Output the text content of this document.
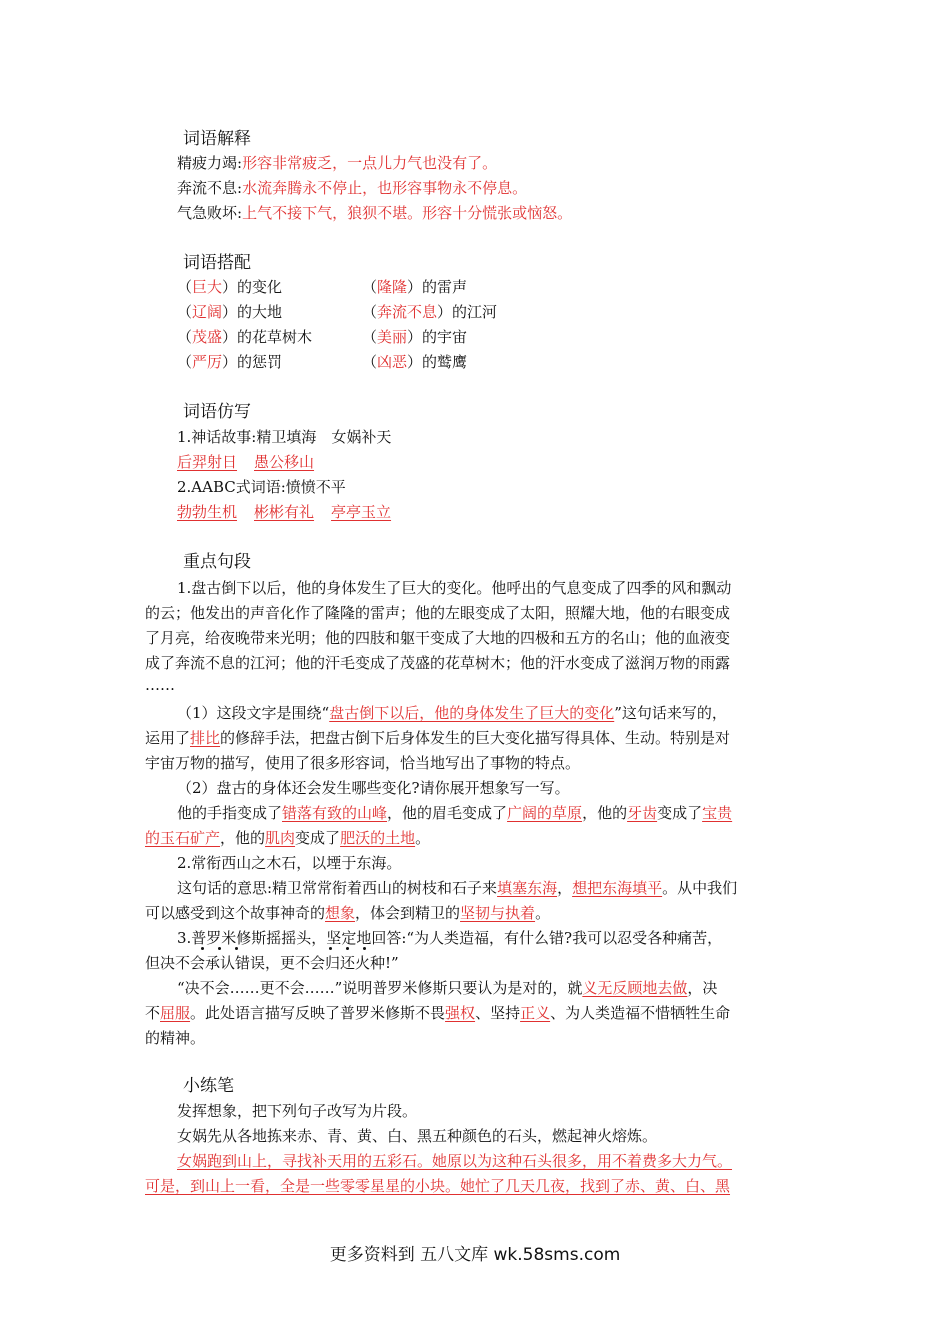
词语解释
精疲力竭:形容非常疲乏，一点儿力气也没有了。
奔流不息:水流奔腾永不停止，也形容事物永不停息。
气急败坏:上气不接下气，狼狈不堪。形容十分慌张或恼怒。
词语搭配
（巨大）的变化	（隆隆）的雷声
（辽阔）的大地	（奔流不息）的江河
（茂盛）的花草树木	（美丽）的宇宙
（严厉）的惩罚	（凶恶）的鹫鹰
词语仿写
1.神话故事:精卫填海　女娲补天
后羿射日 愚公移山
2.AABC式词语:愤愤不平
勃勃生机 彬彬有礼 亭亭玉立
重点句段
1.盘古倒下以后，他的身体发生了巨大的变化。他呼出的气息变成了四季的风和飘动
的云；他发出的声音化作了隆隆的雷声；他的左眼变成了太阳，照耀大地，他的右眼变成
了月亮，给夜晚带来光明；他的四肢和躯干变成了大地的四极和五方的名山；他的血液变
成了奔流不息的江河；他的汗毛变成了茂盛的花草树木；他的汗水变成了滋润万物的雨露
……
（1）这段文字是围绕“盘古倒下以后，他的身体发生了巨大的变化”这句话来写的，
运用了排比的修辞手法，把盘古倒下后身体发生的巨大变化描写得具体、生动。特别是对
宇宙万物的描写，使用了很多形容词，恰当地写出了事物的特点。
（2）盘古的身体还会发生哪些变化?请你展开想象写一写。
他的手指变成了错落有致的山峰，他的眉毛变成了广阔的草原，他的牙齿变成了宝贵
的玉石矿产，他的肌肉变成了肥沃的土地。
2.常衔西山之木石，以堙于东海。
这句话的意思:精卫常常衔着西山的树枝和石子来填塞东海，想把东海填平。从中我们
可以感受到这个故事神奇的想象，体会到精卫的坚韧与执着。
3.普罗米修斯摇摇头，坚定地回答:“为人类造福，有什么错?我可以忍受各种痛苦，
但决不会承认错误，更不会归还火种!”
“决不会……更不会……”说明普罗米修斯只要认为是对的，就义无反顾地去做，决
不屈服。此处语言描写反映了普罗米修斯不畏强权、坚持正义、为人类造福不惜牺牲生命
的精神。
小练笔
发挥想象，把下列句子改写为片段。
女娲先从各地拣来赤、青、黄、白、黑五种颜色的石头，燃起神火熔炼。
女娲跑到山上，寻找补天用的五彩石。她原以为这种石头很多，用不着费多大力气。
可是，到山上一看，全是一些零零星星的小块。她忙了几天几夜，找到了赤、黄、白、黑
更多资料到 五八文库 wk.58sms.com
